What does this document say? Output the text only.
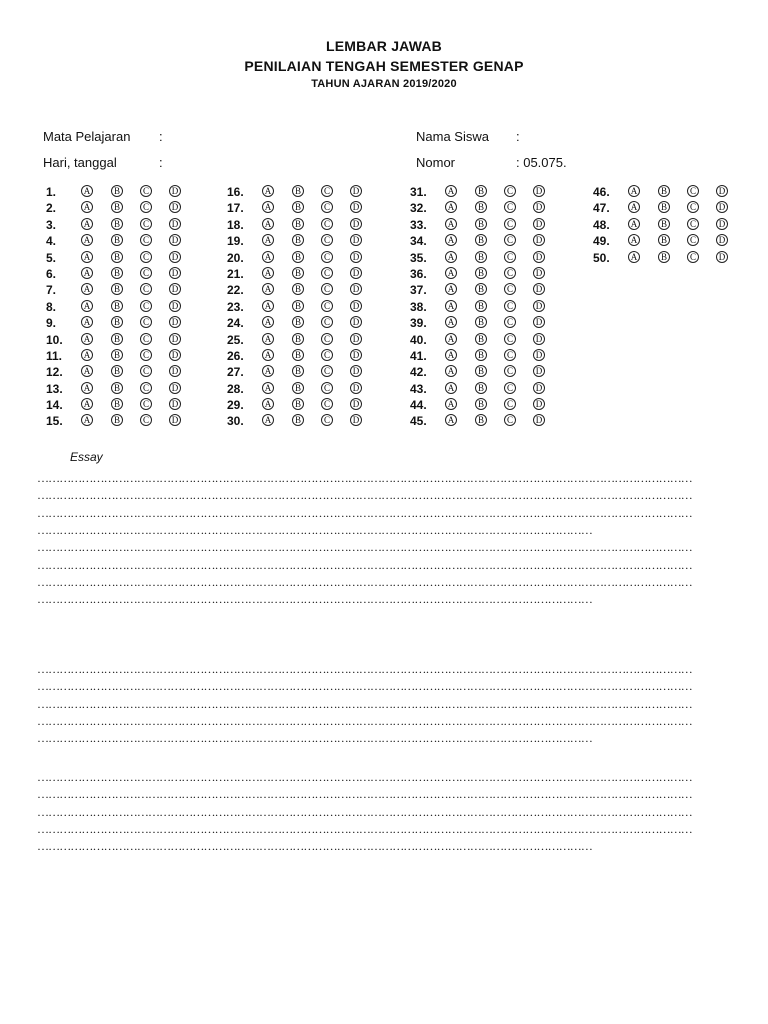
LEMBAR JAWAB
PENILAIAN TENGAH SEMESTER GENAP
TAHUN AJARAN 2019/2020
Mata Pelajaran :
Hari, tanggal	:
Nama Siswa :
Nomor	: 05.075.
1.	A	B	C	D
2.	A	B	C	D
3.	A	B	C	D
4.	A	B	C	D
5.	A	B	C	D
6.	A	B	C	D
7.	A	B	C	D
8.	A	B	C	D
9.	A	B	C	D
10.	A	B	C	D
11.	A	B	C	D
12.	A	B	C	D
13.	A	B	C	D
14.	A	B	C	D
15.	A	B	C	D
16.	A	B	C	D
17.	A	B	C	D
18.	A	B	C	D
19.	A	B	C	D
20.	A	B	C	D
21.	A	B	C	D
22.	A	B	C	D
23.	A	B	C	D
24.	A	B	C	D
25.	A	B	C	D
26.	A	B	C	D
27.	A	B	C	D
28.	A	B	C	D
29.	A	B	C	D
30.	A	B	C	D
31.	A	B	C	D
32.	A	B	C	D
33.	A	B	C	D
34.	A	B	C	D
35.	A	B	C	D
36.	A	B	C	D
37.	A	B	C	D
38.	A	B	C	D
39.	A	B	C	D
40.	A	B	C	D
41.	A	B	C	D
42.	A	B	C	D
43.	A	B	C	D
44.	A	B	C	D
45.	A	B	C	D
46.	A	B	C	D
47.	A	B	C	D
48.	A	B	C	D
49.	A	B	C	D
50.	A	B	C	D
Essay
……………………………………………………………………………………………………………………………………………………………
……………………………………………………………………………………………………………………………………………………………
……………………………………………………………………………………………………………………………………………………………
……………………………………………………………………………………………………………………………………
……………………………………………………………………………………………………………………………………………………………
……………………………………………………………………………………………………………………………………………………………
……………………………………………………………………………………………………………………………………………………………
……………………………………………………………………………………………………………………………………
……………………………………………………………………………………………………………………………………………………………
……………………………………………………………………………………………………………………………………………………………
……………………………………………………………………………………………………………………………………………………………
……………………………………………………………………………………………………………………………………………………………
……………………………………………………………………………………………………………………………………
……………………………………………………………………………………………………………………………………………………………
……………………………………………………………………………………………………………………………………………………………
……………………………………………………………………………………………………………………………………………………………
……………………………………………………………………………………………………………………………………………………………
……………………………………………………………………………………………………………………………………
